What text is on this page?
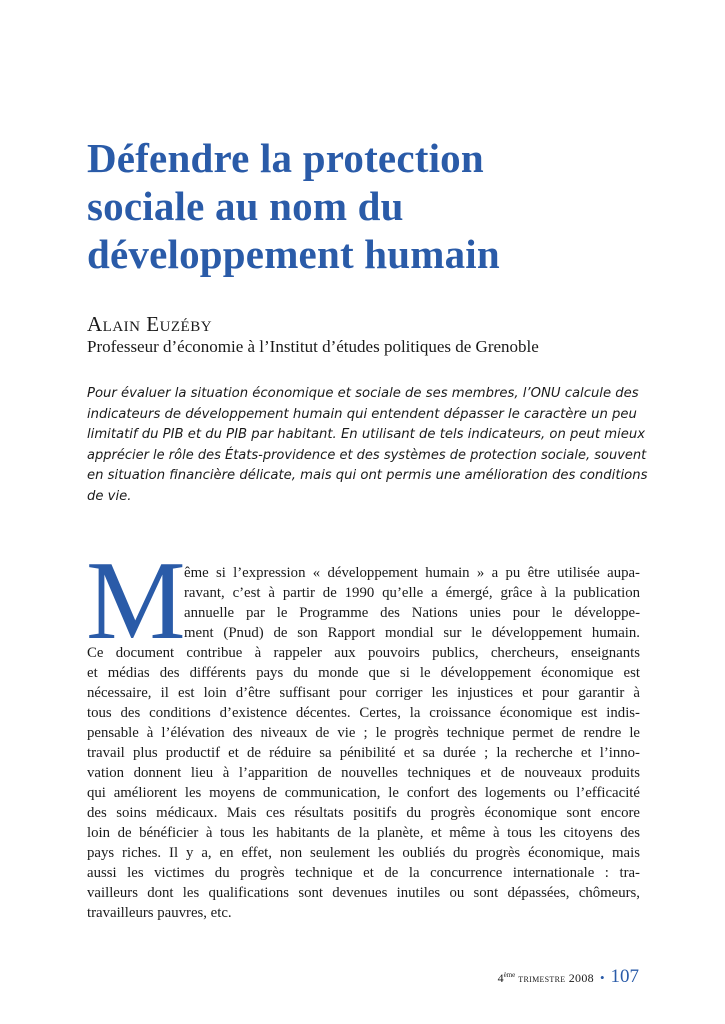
Défendre la protection
sociale au nom du
développement humain
Alain Euzéby
Professeur d’économie à l’Institut d’études politiques de Grenoble
Pour évaluer la situation économique et sociale de ses membres, l’ONU calcule des
indicateurs de développement humain qui entendent dépasser le caractère un peu
limitatif du PIB et du PIB par habitant. En utilisant de tels indicateurs, on peut mieux
apprécier le rôle des États-providence et des systèmes de protection sociale, souvent
en situation financière délicate, mais qui ont permis une amélioration des conditions
de vie.
M
ême si l’expression « développement humain » a pu être utilisée aupa-
ravant, c’est à partir de 1990 qu’elle a émergé, grâce à la publication
annuelle par le Programme des Nations unies pour le développe-
ment (Pnud) de son Rapport mondial sur le développement humain.
Ce document contribue à rappeler aux pouvoirs publics, chercheurs, enseignants
et médias des différents pays du monde que si le développement économique est
nécessaire, il est loin d’être suffisant pour corriger les injustices et pour garantir à
tous des conditions d’existence décentes. Certes, la croissance économique est indis-
pensable à l’élévation des niveaux de vie ; le progrès technique permet de rendre le
travail plus productif et de réduire sa pénibilité et sa durée ; la recherche et l’inno-
vation donnent lieu à l’apparition de nouvelles techniques et de nouveaux produits
qui améliorent les moyens de communication, le confort des logements ou l’efficacité
des soins médicaux. Mais ces résultats positifs du progrès économique sont encore
loin de bénéficier à tous les habitants de la planète, et même à tous les citoyens des
pays riches. Il y a, en effet, non seulement les oubliés du progrès économique, mais
aussi les victimes du progrès technique et de la concurrence internationale : tra-
vailleurs dont les qualifications sont devenues inutiles ou sont dépassées, chômeurs,
travailleurs pauvres, etc.
4ème trimestre 2008 • 107
